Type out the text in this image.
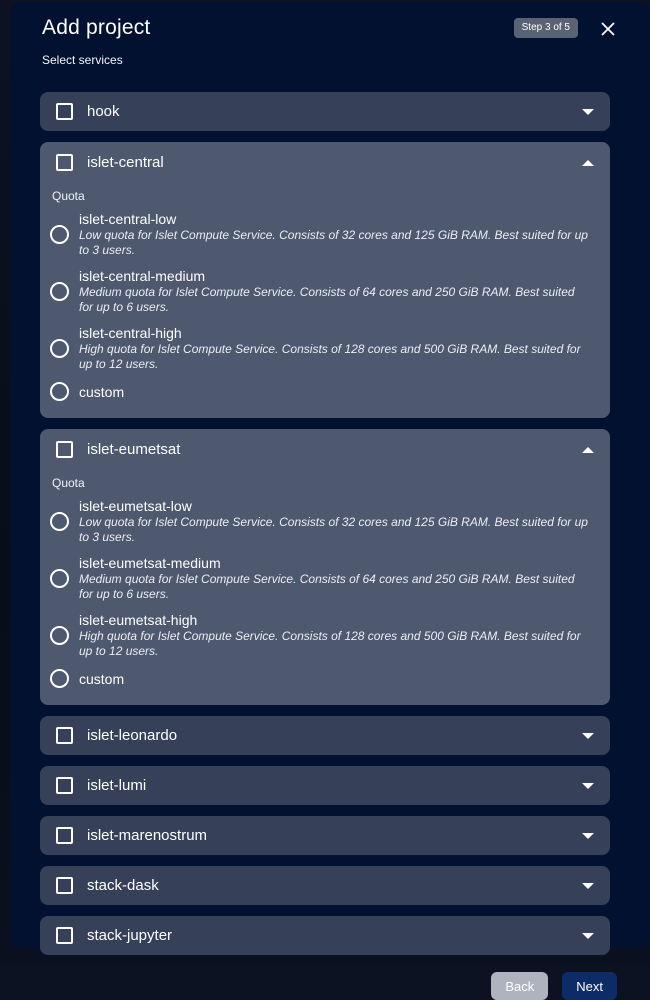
Add project	Step 3 of 5
Select services
hook
islet-central
Quota
islet-central-low
Low quota for Islet Compute Service. Consists of 32 cores and 125 GiB RAM. Best suited for up to 3 users.
islet-central-medium
Medium quota for Islet Compute Service. Consists of 64 cores and 250 GiB RAM. Best suited for up to 6 users.
islet-central-high
High quota for Islet Compute Service. Consists of 128 cores and 500 GiB RAM. Best suited for up to 12 users.
custom
islet-eumetsat
Quota
islet-eumetsat-low
Low quota for Islet Compute Service. Consists of 32 cores and 125 GiB RAM. Best suited for up to 3 users.
islet-eumetsat-medium
Medium quota for Islet Compute Service. Consists of 64 cores and 250 GiB RAM. Best suited for up to 6 users.
islet-eumetsat-high
High quota for Islet Compute Service. Consists of 128 cores and 500 GiB RAM. Best suited for up to 12 users.
custom
islet-leonardo
islet-lumi
islet-marenostrum
stack-dask
stack-jupyter
Back	Next
